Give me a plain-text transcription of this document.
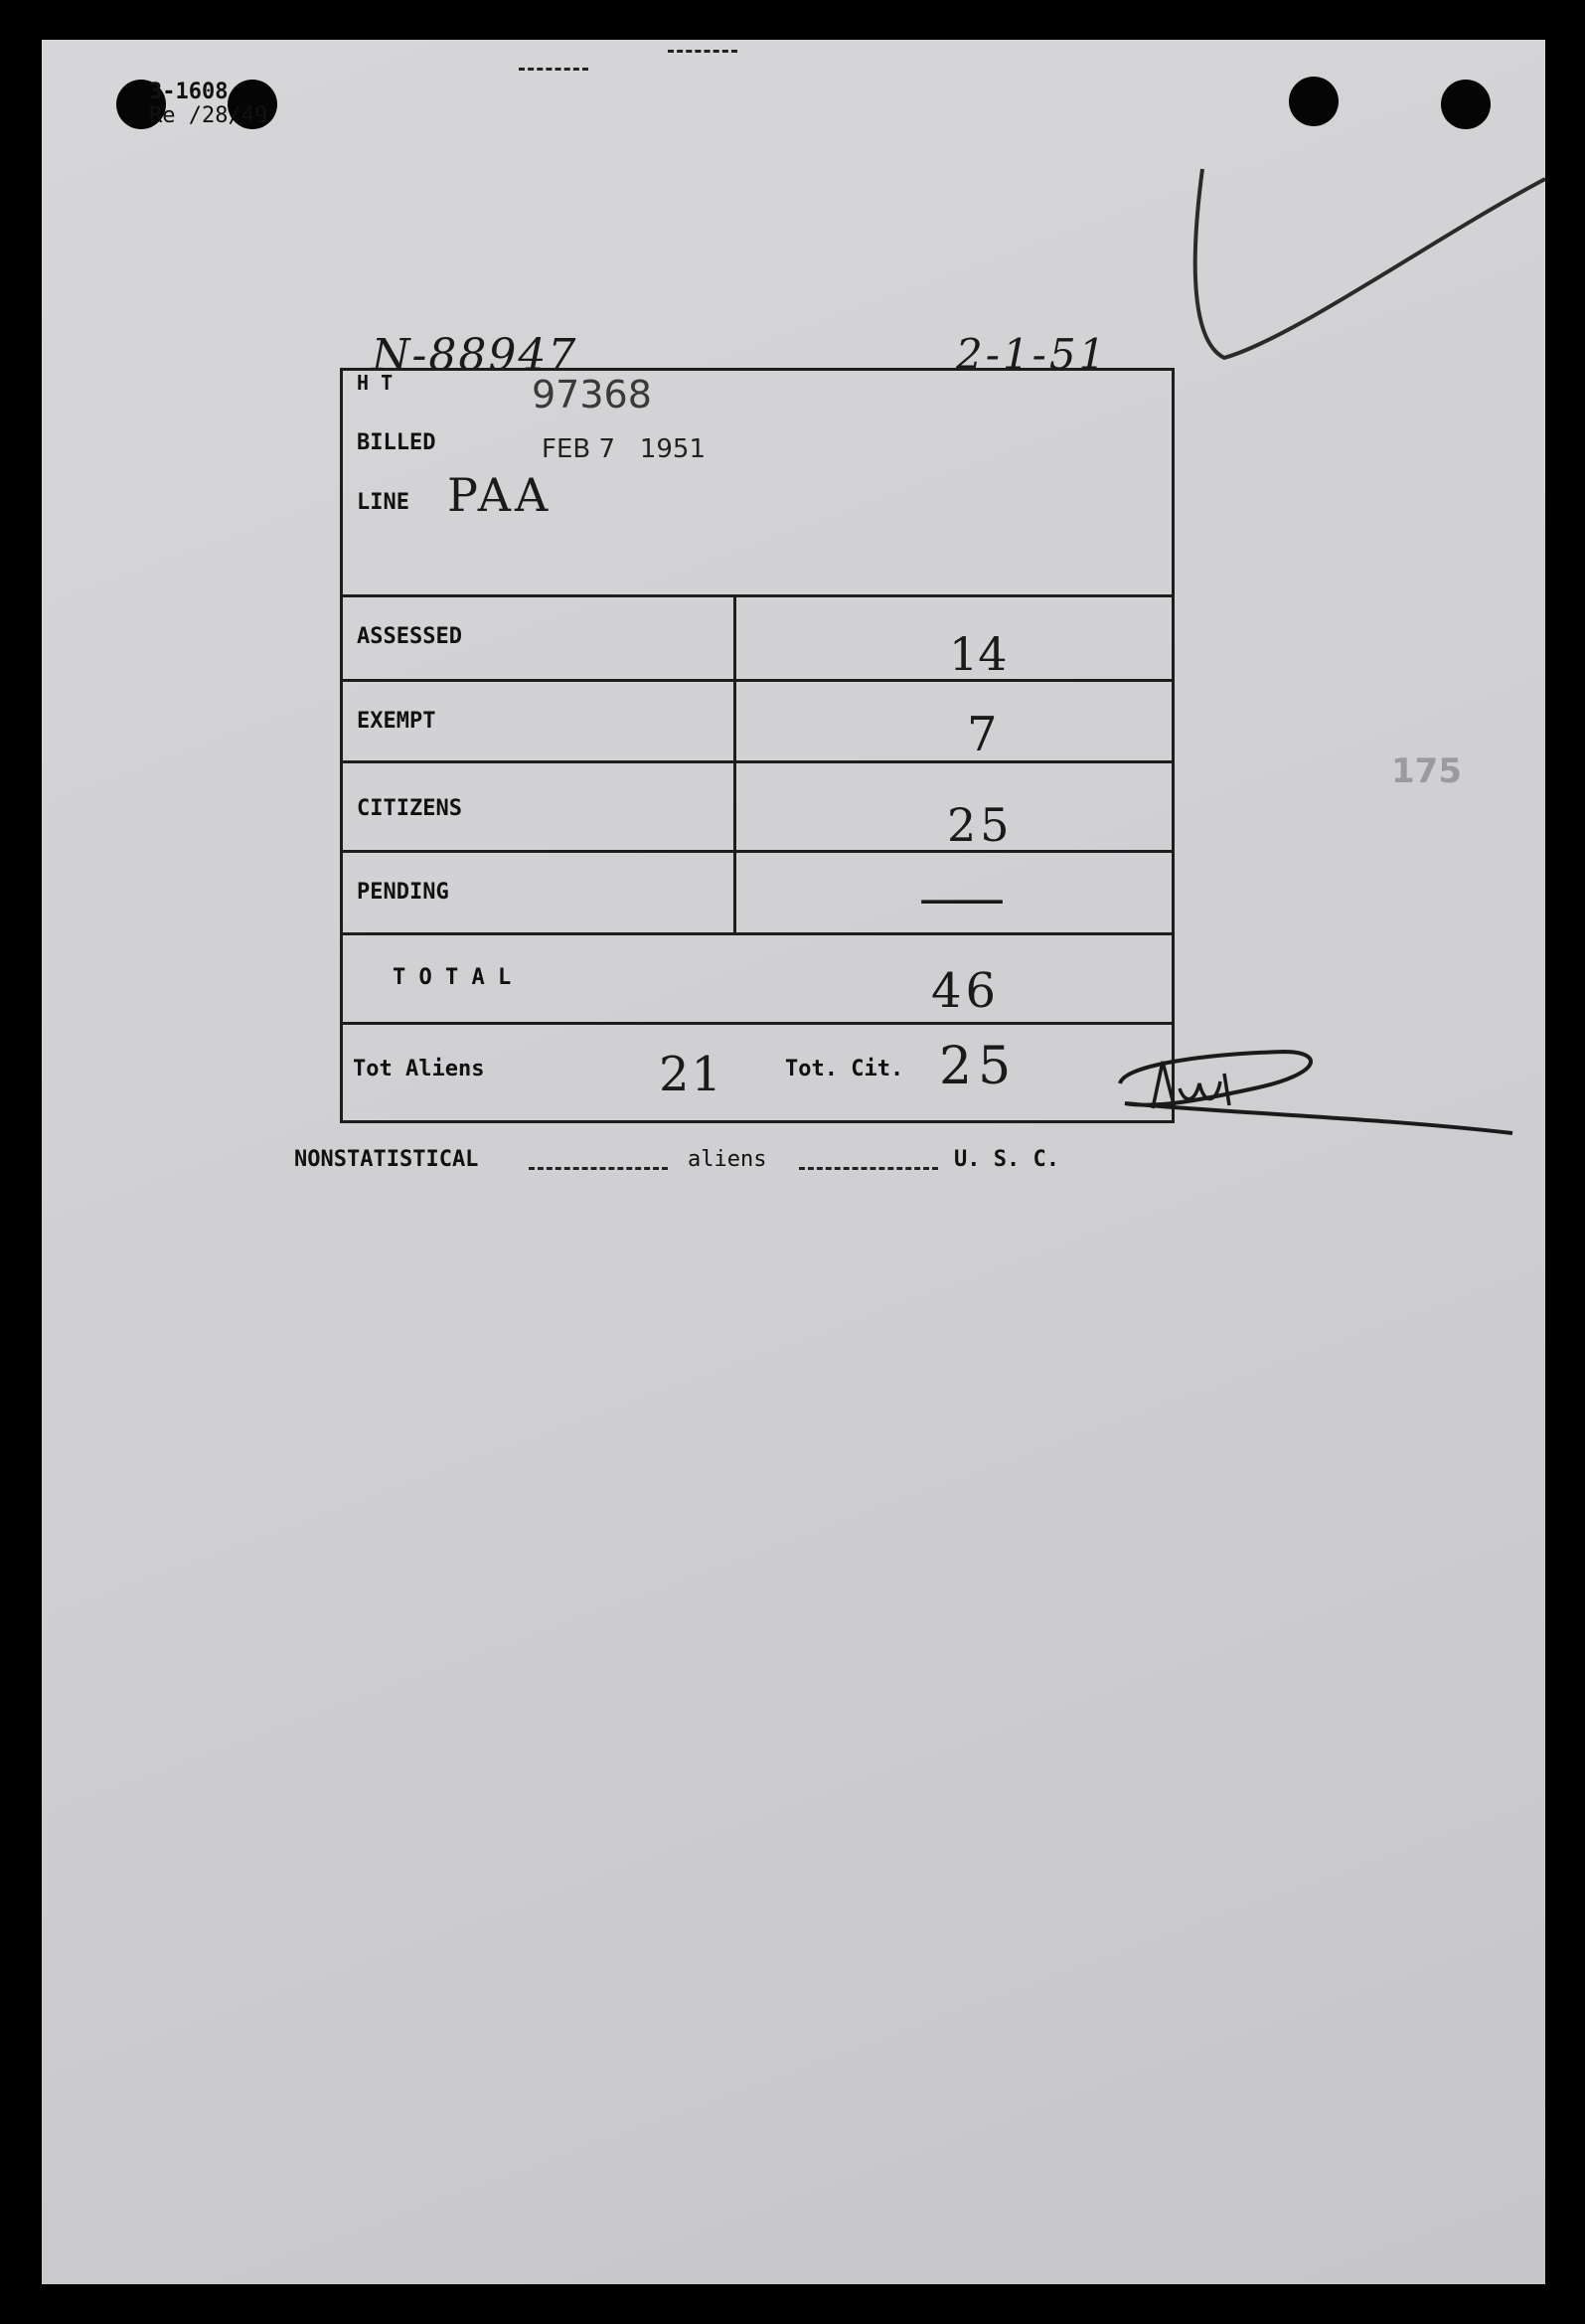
3-1608
Re /28/49
175
N-88947	2-1-51
H T	97368
BILLED	FEB 7   1951
LINE PAA
ASSESSED	14
EXEMPT	7
CITIZENS	25
PENDING	—
T O T A L	46
Tot Aliens	21	Tot. Cit. 25
NONSTATISTICAL	aliens	U. S. C.
